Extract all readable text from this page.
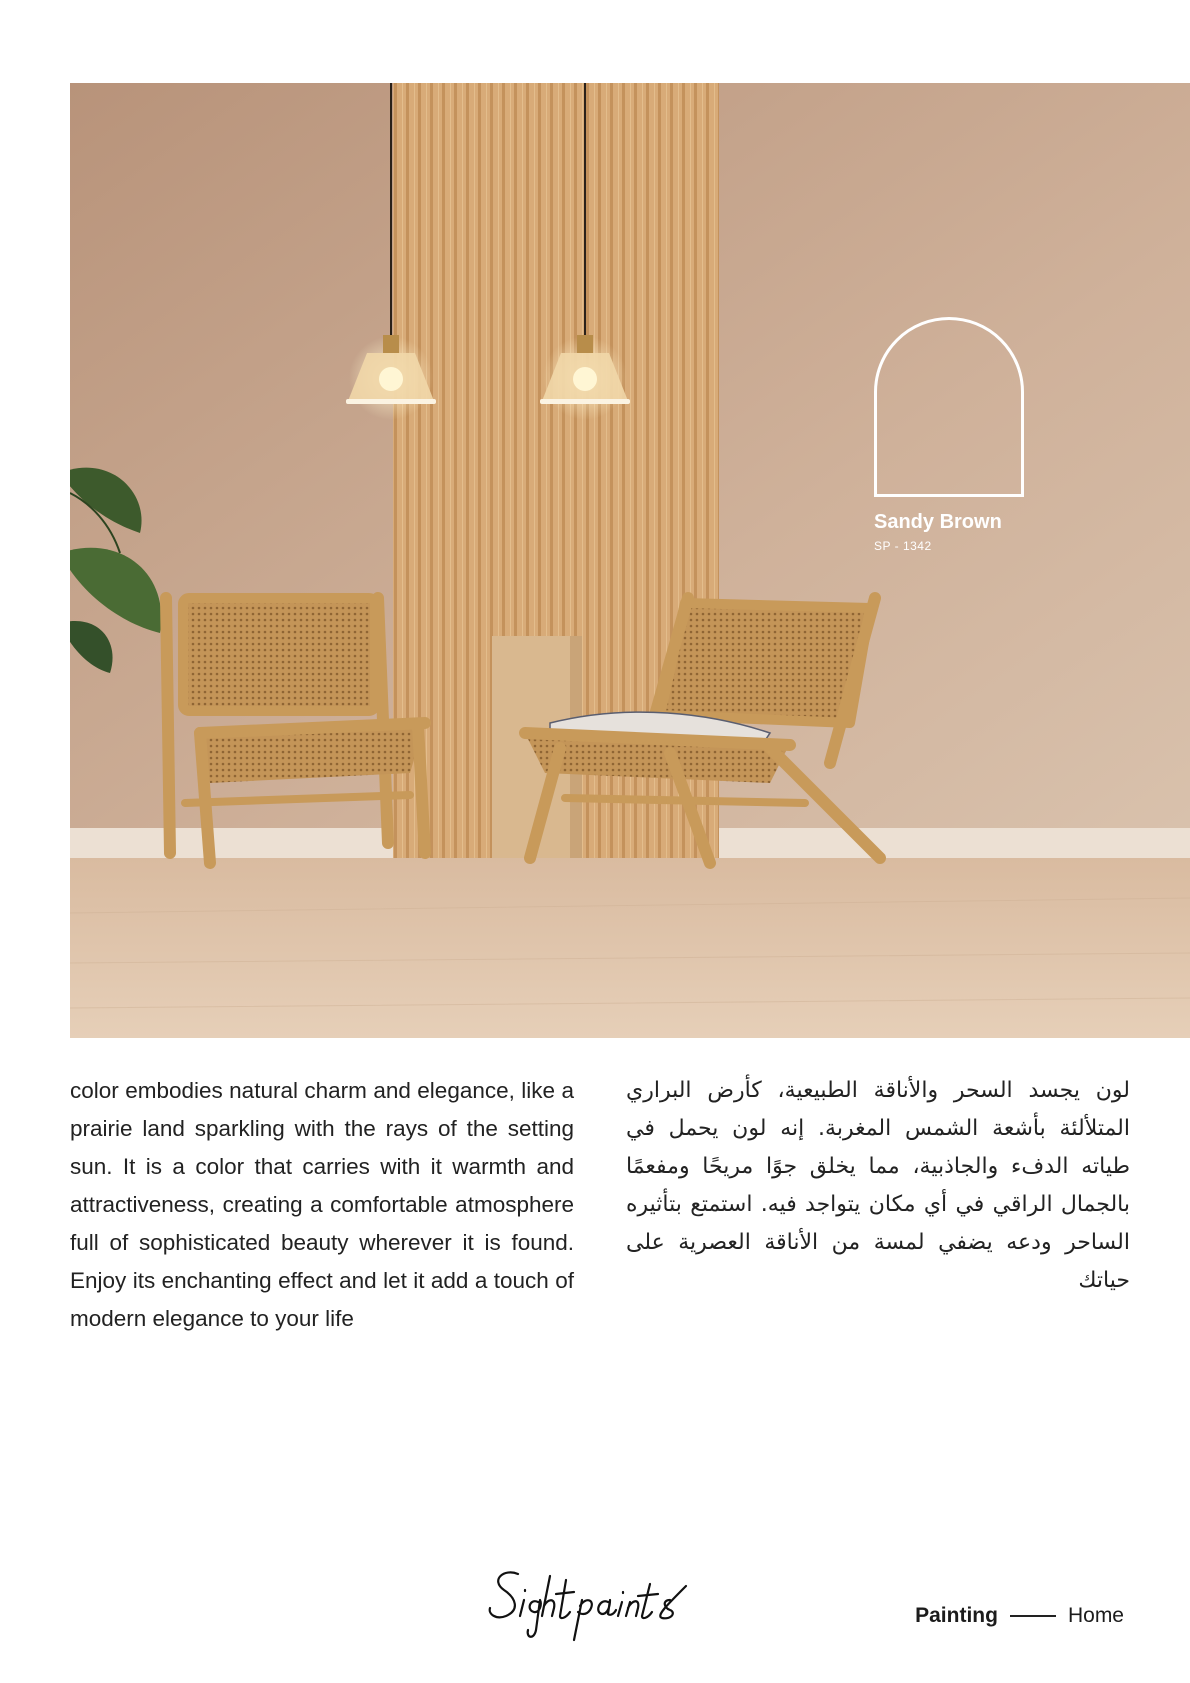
Sandy Brown
SP - 1342
color embodies natural charm and elegance, like a prairie land sparkling with the rays of the setting sun. It is a color that carries with it warmth and attractiveness, creating a comfortable atmosphere full of sophisticated beauty wherever it is found. Enjoy its enchanting effect and let it add a touch of modern elegance to your life
لون يجسد السحر والأناقة الطبيعية، كأرض البراري المتلألئة بأشعة الشمس المغربة. إنه لون يحمل في طياته الدفء والجاذبية، مما يخلق جوًا مريحًا ومفعمًا بالجمال الراقي في أي مكان يتواجد فيه. استمتع بتأثيره الساحر ودعه يضفي لمسة من الأناقة العصرية على حياتك
Painting	Home
